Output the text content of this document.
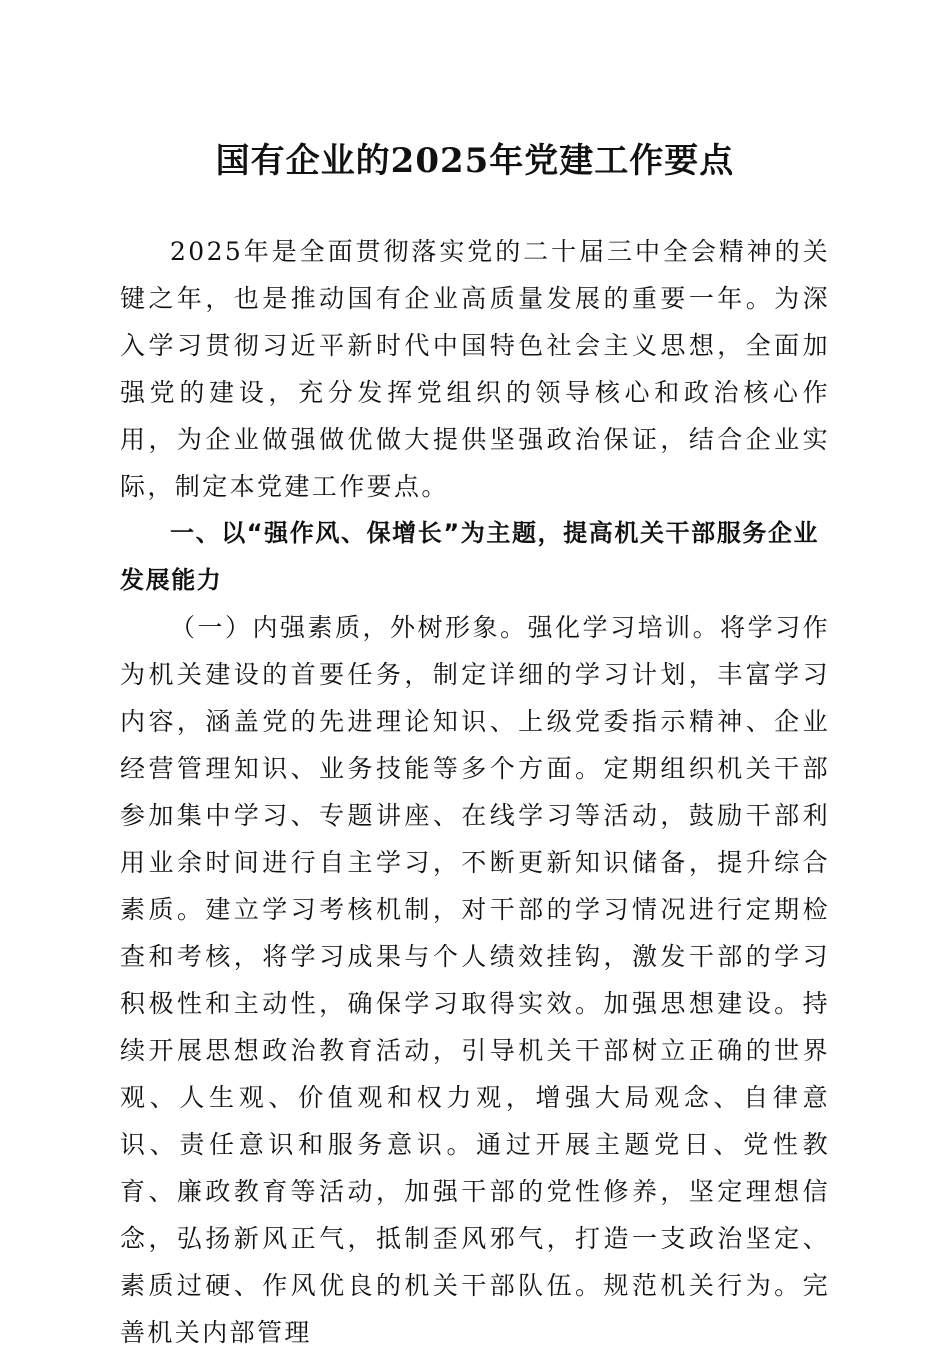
国有企业的2025年党建工作要点

2025年是全面贯彻落实党的二十届三中全会精神的关键之年，也是推动国有企业高质量发展的重要一年。为深入学习贯彻习近平新时代中国特色社会主义思想，全面加强党的建设，充分发挥党组织的领导核心和政治核心作用，为企业做强做优做大提供坚强政治保证，结合企业实际，制定本党建工作要点。

一、以“强作风、保增长”为主题，提高机关干部服务企业发展能力

（一）内强素质，外树形象。强化学习培训。将学习作为机关建设的首要任务，制定详细的学习计划，丰富学习内容，涵盖党的先进理论知识、上级党委指示精神、企业经营管理知识、业务技能等多个方面。定期组织机关干部参加集中学习、专题讲座、在线学习等活动，鼓励干部利用业余时间进行自主学习，不断更新知识储备，提升综合素质。建立学习考核机制，对干部的学习情况进行定期检查和考核，将学习成果与个人绩效挂钩，激发干部的学习积极性和主动性，确保学习取得实效。加强思想建设。持续开展思想政治教育活动，引导机关干部树立正确的世界观、人生观、价值观和权力观，增强大局观念、自律意识、责任意识和服务意识。通过开展主题党日、党性教育、廉政教育等活动，加强干部的党性修养，坚定理想信念，弘扬新风正气，抵制歪风邪气，打造一支政治坚定、素质过硬、作风优良的机关干部队伍。规范机关行为。完善机关内部管理
